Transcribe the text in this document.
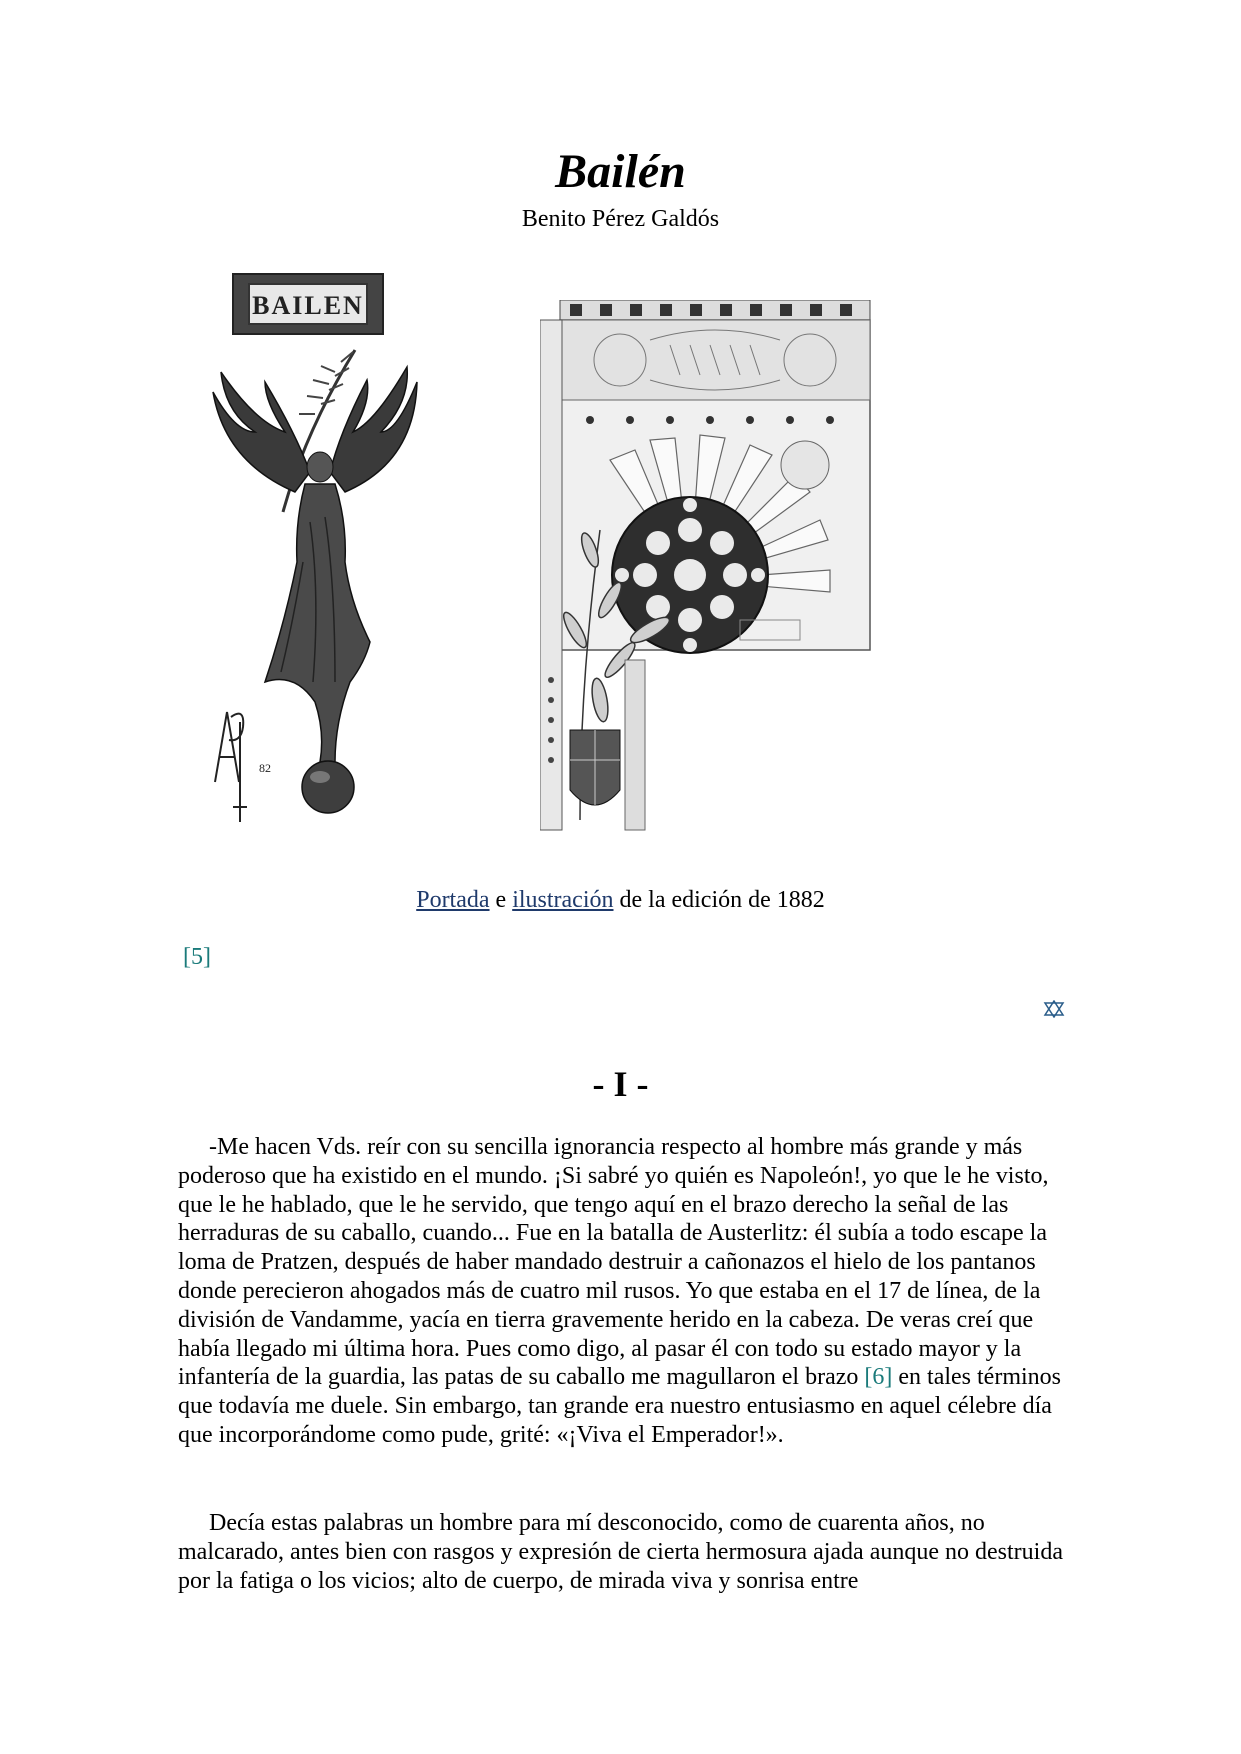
Bailén
Benito Pérez Galdós
BAILEN
82
Portada e ilustración de la edición de 1882
[5]
- I -

-Me hacen Vds. reír con su sencilla ignorancia respecto al hombre más grande y más poderoso que ha existido en el mundo. ¡Si sabré yo quién es Napoleón!, yo que le he visto, que le he hablado, que le he servido, que tengo aquí en el brazo derecho la señal de las herraduras de su caballo, cuando... Fue en la batalla de Austerlitz: él subía a todo escape la loma de Pratzen, después de haber mandado destruir a cañonazos el hielo de los pantanos donde perecieron ahogados más de cuatro mil rusos. Yo que estaba en el 17 de línea, de la división de Vandamme, yacía en tierra gravemente herido en la cabeza. De veras creí que había llegado mi última hora. Pues como digo, al pasar él con todo su estado mayor y la infantería de la guardia, las patas de su caballo me magullaron el brazo [6] en tales términos que todavía me duele. Sin embargo, tan grande era nuestro entusiasmo en aquel célebre día que incorporándome como pude, grité: «¡Viva el Emperador!».

Decía estas palabras un hombre para mí desconocido, como de cuarenta años, no malcarado, antes bien con rasgos y expresión de cierta hermosura ajada aunque no destruida por la fatiga o los vicios; alto de cuerpo, de mirada viva y sonrisa entre
